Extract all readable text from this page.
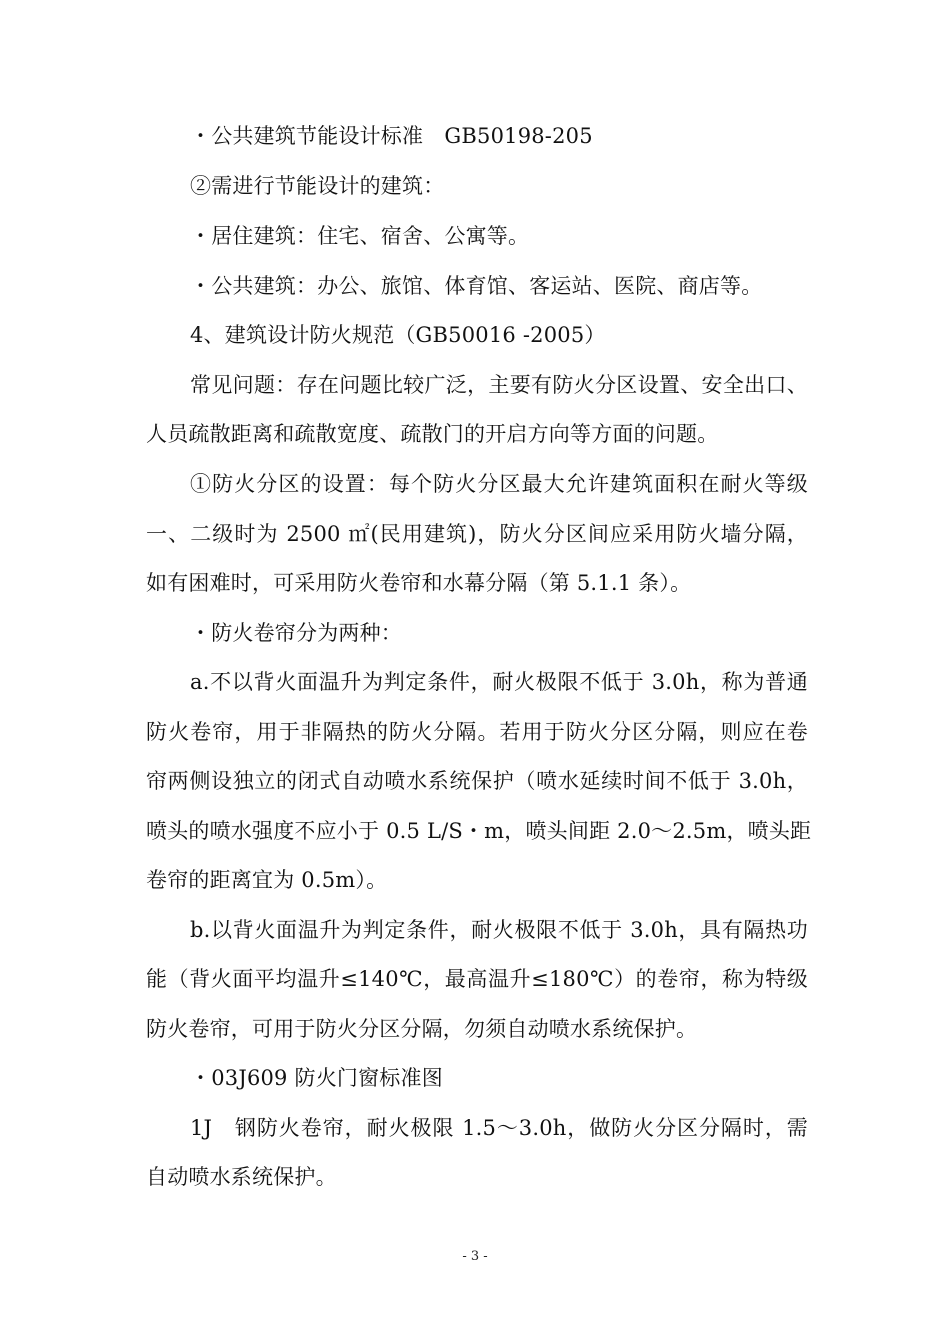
・公共建筑节能设计标准　GB50198-205
②需进行节能设计的建筑：
・居住建筑：住宅、宿舍、公寓等。
・公共建筑：办公、旅馆、体育馆、客运站、医院、商店等。
4、建筑设计防火规范（GB50016 -2005）
常见问题：存在问题比较广泛，主要有防火分区设置、安全出口、
人员疏散距离和疏散宽度、疏散门的开启方向等方面的问题。
①防火分区的设置：每个防火分区最大允许建筑面积在耐火等级
一、二级时为 2500 ㎡(民用建筑)，防火分区间应采用防火墙分隔，
如有困难时，可采用防火卷帘和水幕分隔（第 5.1.1 条）。
・防火卷帘分为两种：
a.不以背火面温升为判定条件，耐火极限不低于 3.0h，称为普通
防火卷帘，用于非隔热的防火分隔。若用于防火分区分隔，则应在卷
帘两侧设独立的闭式自动喷水系统保护（喷水延续时间不低于 3.0h，
喷头的喷水强度不应小于 0.5 L/S・m，喷头间距 2.0～2.5m，喷头距
卷帘的距离宜为 0.5m）。
b.以背火面温升为判定条件，耐火极限不低于 3.0h，具有隔热功
能（背火面平均温升≤140℃，最高温升≤180℃）的卷帘，称为特级
防火卷帘，可用于防火分区分隔，勿须自动喷水系统保护。
・03J609 防火门窗标准图
1J　钢防火卷帘，耐火极限 1.5～3.0h，做防火分区分隔时，需
自动喷水系统保护。
- 3 -
